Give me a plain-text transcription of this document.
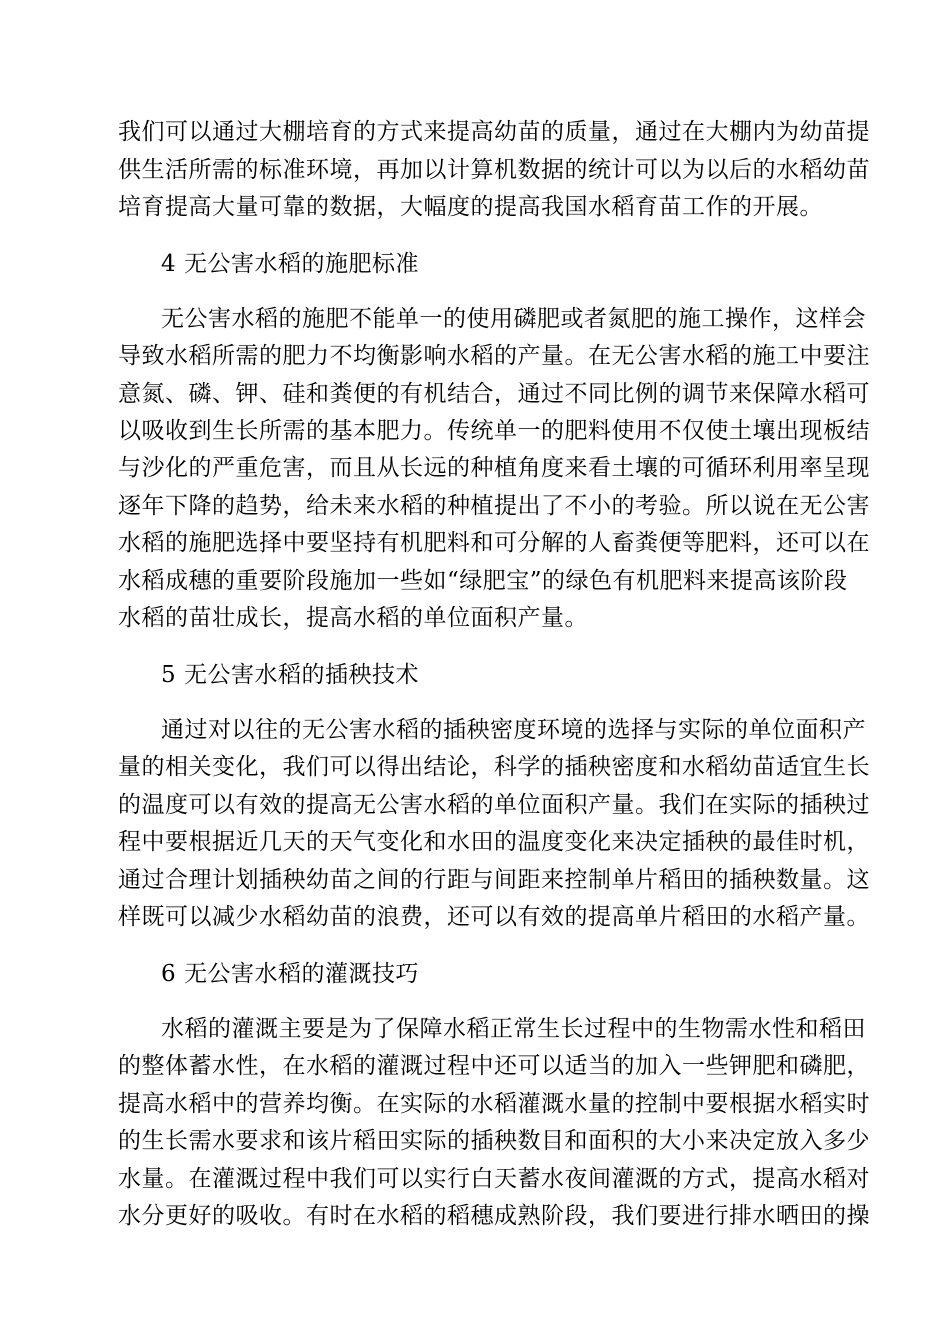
我们可以通过大棚培育的方式来提高幼苗的质量，通过在大棚内为幼苗提
供生活所需的标准环境，再加以计算机数据的统计可以为以后的水稻幼苗
培育提高大量可靠的数据，大幅度的提高我国水稻育苗工作的开展。
4 无公害水稻的施肥标准
无公害水稻的施肥不能单一的使用磷肥或者氮肥的施工操作，这样会
导致水稻所需的肥力不均衡影响水稻的产量。在无公害水稻的施工中要注
意氮、磷、钾、硅和粪便的有机结合，通过不同比例的调节来保障水稻可
以吸收到生长所需的基本肥力。传统单一的肥料使用不仅使土壤出现板结
与沙化的严重危害，而且从长远的种植角度来看土壤的可循环利用率呈现
逐年下降的趋势，给未来水稻的种植提出了不小的考验。所以说在无公害
水稻的施肥选择中要坚持有机肥料和可分解的人畜粪便等肥料，还可以在
水稻成穗的重要阶段施加一些如“绿肥宝”的绿色有机肥料来提高该阶段
水稻的苗壮成长，提高水稻的单位面积产量。
5 无公害水稻的插秧技术
通过对以往的无公害水稻的插秧密度环境的选择与实际的单位面积产
量的相关变化，我们可以得出结论，科学的插秧密度和水稻幼苗适宜生长
的温度可以有效的提高无公害水稻的单位面积产量。我们在实际的插秧过
程中要根据近几天的天气变化和水田的温度变化来决定插秧的最佳时机，
通过合理计划插秧幼苗之间的行距与间距来控制单片稻田的插秧数量。这
样既可以减少水稻幼苗的浪费，还可以有效的提高单片稻田的水稻产量。
6 无公害水稻的灌溉技巧
水稻的灌溉主要是为了保障水稻正常生长过程中的生物需水性和稻田
的整体蓄水性，在水稻的灌溉过程中还可以适当的加入一些钾肥和磷肥，
提高水稻中的营养均衡。在实际的水稻灌溉水量的控制中要根据水稻实时
的生长需水要求和该片稻田实际的插秧数目和面积的大小来决定放入多少
水量。在灌溉过程中我们可以实行白天蓄水夜间灌溉的方式，提高水稻对
水分更好的吸收。有时在水稻的稻穗成熟阶段，我们要进行排水晒田的操
